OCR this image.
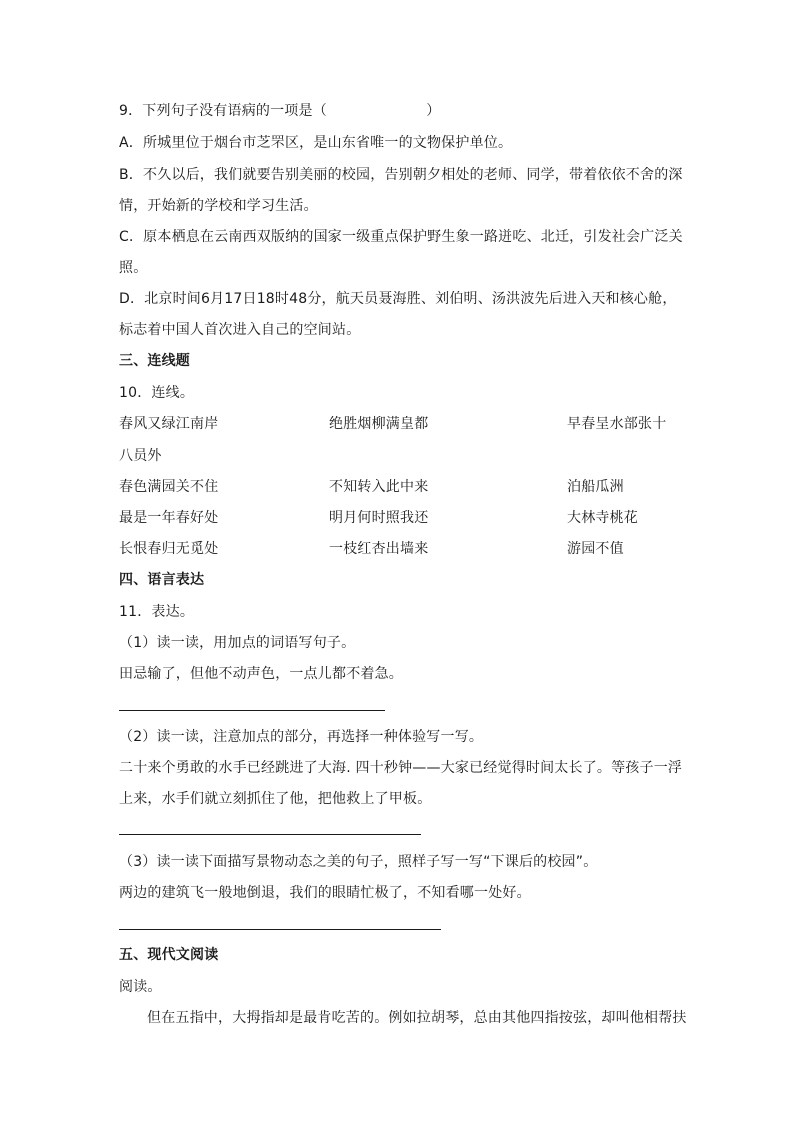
9．下列句子没有语病的一项是（　　　　　　　）
A．所城里位于烟台市芝罘区，是山东省唯一的文物保护单位。
B．不久以后，我们就要告别美丽的校园，告别朝夕相处的老师、同学，带着依依不舍的深
情，开始新的学校和学习生活。
C．原本栖息在云南西双版纳的国家一级重点保护野生象一路迸吃、北迁，引发社会广泛关
照。
D．北京时间6月17日18时48分，航天员聂海胜、刘伯明、汤洪波先后进入天和核心舱，
标志着中国人首次进入自己的空间站。
三、连线题
10．连线。
春风又绿江南岸	绝胜烟柳满皇都	早春呈水部张十
八员外
春色满园关不住	不知转入此中来	泊船瓜洲
最是一年春好处	明月何时照我还	大林寺桃花
长恨春归无觅处	一枝红杏出墙来	游园不值
四、语言表达
11．表达。
（1）读一读，用加点的词语写句子。
田忌输了，但他不动声色，一点儿都不着急。
（2）读一读，注意加点的部分，再选择一种体验写一写。
二十来个勇敢的水手已经跳进了大海. 四十秒钟——大家已经觉得时间太长了。等孩子一浮
上来，水手们就立刻抓住了他，把他救上了甲板。
（3）读一读下面描写景物动态之美的句子，照样子写一写“下课后的校园”。
两边的建筑飞一般地倒退，我们的眼睛忙极了，不知看哪一处好。
五、现代文阅读
阅读。
但在五指中，大拇指却是最肯吃苦的。例如拉胡琴，总由其他四指按弦，却叫他相帮扶
